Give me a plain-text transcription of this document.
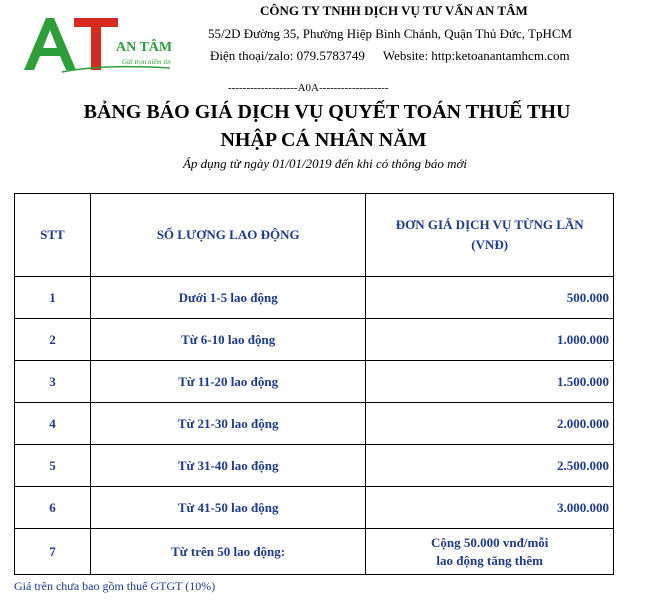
AN TÂM
Gửi trọn niềm tin
CÔNG TY TNHH DỊCH VỤ TƯ VẤN AN TÂM
55/2D Đường 35, Phường Hiệp Bình Chánh, Quận Thủ Đức, TpHCM
Điện thoại/zalo: 079.5783749 Website: http:ketoanantamhcm.com
-------------------A0A-------------------
BẢNG BÁO GIÁ DỊCH VỤ QUYẾT TOÁN THUẾ THU
NHẬP CÁ NHÂN NĂM
Áp dụng từ ngày 01/01/2019 đến khi có thông báo mới
STT	SỐ LƯỢNG LAO ĐỘNG	ĐƠN GIÁ DỊCH VỤ TỪNG LẦN (VNĐ)
1	Dưới 1-5 lao động	500.000
2	Từ 6-10 lao động	1.000.000
3	Từ 11-20 lao động	1.500.000
4	Từ 21-30 lao động	2.000.000
5	Từ 31-40 lao động	2.500.000
6	Từ 41-50 lao động	3.000.000
7	Từ trên 50 lao động:	Cộng 50.000 vnđ/mỗi
lao động tăng thêm
Giá trên chưa bao gồm thuế GTGT (10%)
